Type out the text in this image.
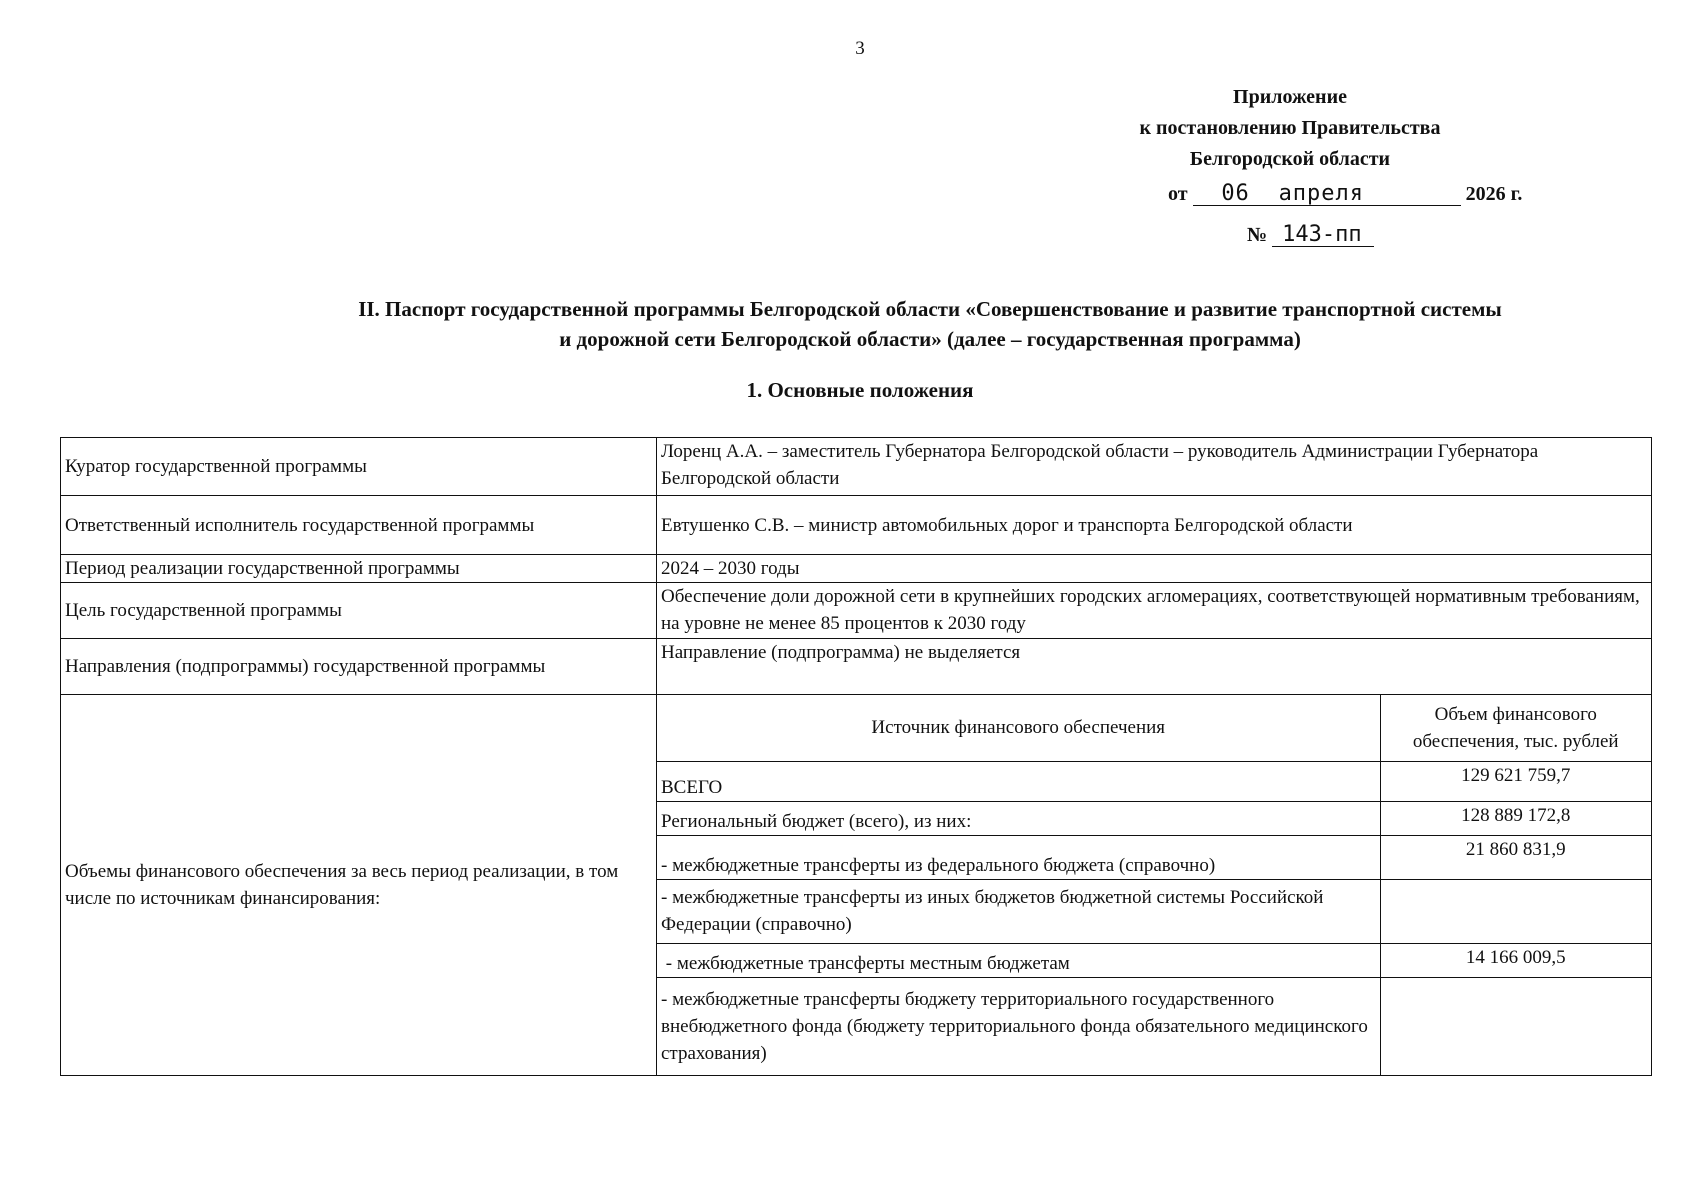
3
Приложение
к постановлению Правительства
Белгородской области
от 06 апреля	2026 г.
№ 143-пп
II. Паспорт государственной программы Белгородской области «Совершенствование и развитие транспортной системы
и дорожной сети Белгородской области» (далее – государственная программа)
1. Основные положения
Куратор государственной программы	Лоренц А.А. – заместитель Губернатора Белгородской области – руководитель Администрации Губернатора Белгородской области
Ответственный исполнитель государственной программы	Евтушенко С.В. – министр автомобильных дорог и транспорта Белгородской области
Период реализации государственной программы	2024 – 2030 годы
Цель государственной программы	Обеспечение доли дорожной сети в крупнейших городских агломерациях, соответствующей нормативным требованиям, на уровне не менее 85 процентов к 2030 году
Направления (подпрограммы) государственной программы	Направление (подпрограмма) не выделяется
Объемы финансового обеспечения за весь период реализации, в том числе по источникам финансирования:	
Источник финансового обеспечения	Объем финансового обеспечения, тыс. рублей
ВСЕГО	129 621 759,7
Региональный бюджет (всего), из них:	128 889 172,8
- межбюджетные трансферты из федерального бюджета (справочно)	21 860 831,9
- межбюджетные трансферты из иных бюджетов бюджетной системы Российской Федерации (справочно)	
- межбюджетные трансферты местным бюджетам	14 166 009,5
- межбюджетные трансферты бюджету территориального государственного внебюджетного фонда (бюджету территориального фонда обязательного медицинского страхования)	
